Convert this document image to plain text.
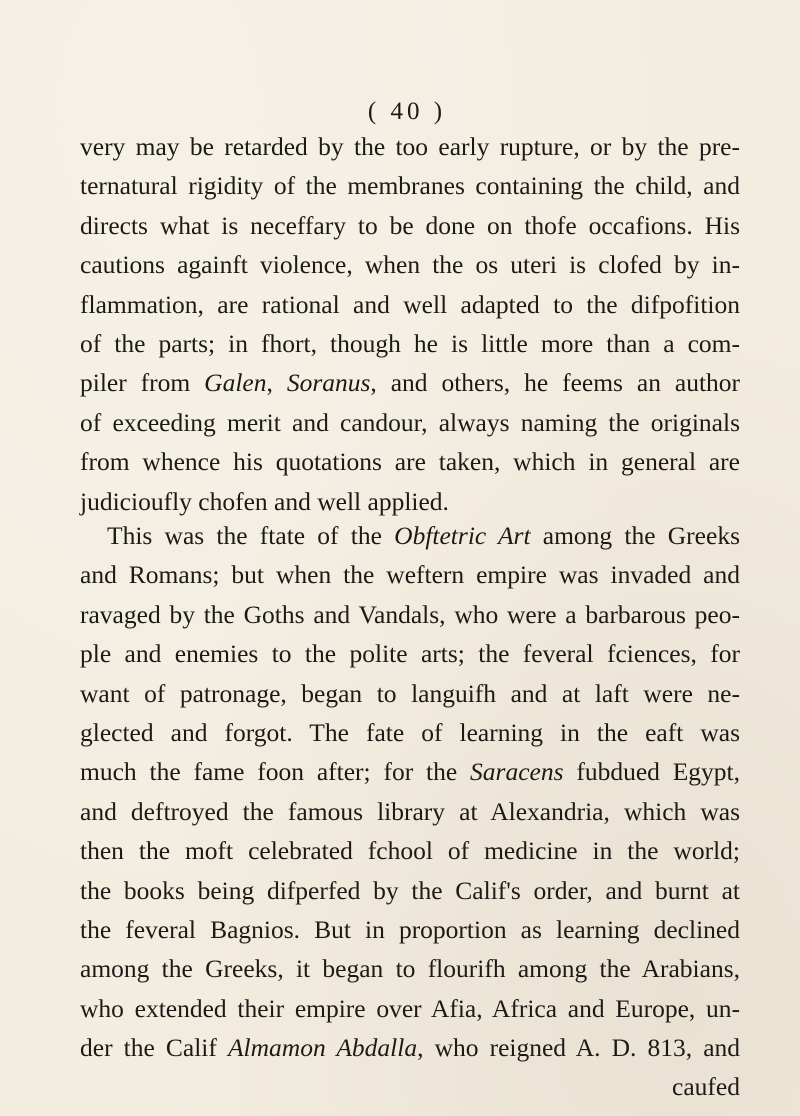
( 40 )
very may be retarded by the too early rupture, or by the pre-
ternatural rigidity of the membranes containing the child, and
directs what is neceffary to be done on thofe occafions. His
cautions againft violence, when the os uteri is clofed by in-
flammation, are rational and well adapted to the difpofition
of the parts; in fhort, though he is little more than a com-
piler from Galen, Soranus, and others, he feems an author
of exceeding merit and candour, always naming the originals
from whence his quotations are taken, which in general are
judicioufly chofen and well applied.
This was the ftate of the Obftetric Art among the Greeks
and Romans; but when the weftern empire was invaded and
ravaged by the Goths and Vandals, who were a barbarous peo-
ple and enemies to the polite arts; the feveral fciences, for
want of patronage, began to languifh and at laft were ne-
glected and forgot. The fate of learning in the eaft was
much the fame foon after; for the Saracens fubdued Egypt,
and deftroyed the famous library at Alexandria, which was
then the moft celebrated fchool of medicine in the world;
the books being difperfed by the Calif's order, and burnt at
the feveral Bagnios. But in proportion as learning declined
among the Greeks, it began to flourifh among the Arabians,
who extended their empire over Afia, Africa and Europe, un-
der the Calif Almamon Abdalla, who reigned A. D. 813, and
caufed
